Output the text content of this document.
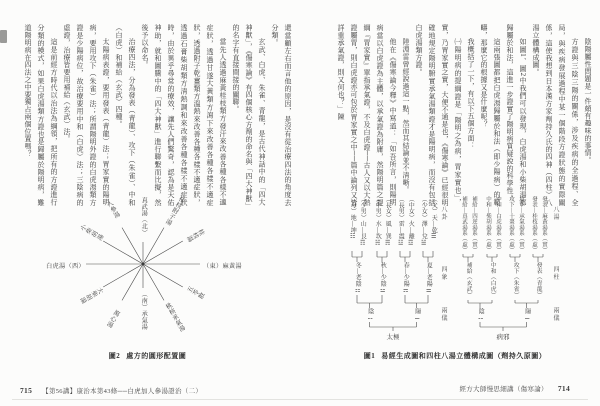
還當顧左右而言他的原因，是沒有從治療四法的角度去分類。

玄武、白虎、朱雀、青龍，是古代神話中的「四大神獸」，《傷寒論》有四個核心方劑的命名與「四大神獸」的名字有直接間接的關聯。

當先人透過麻黃桂枝類方發汗來改善各種各樣不適症狀，透過甘遂大黃類方瀉下來改善各種各樣不適症狀，透過附子乾薑類方溫熱來改善各種各樣不適症狀，透過石膏柴胡類方清熱調和來改善各種各樣不適症狀時，由於異乎尋常的療效，讓先人們驚奇，認為是天佑神助，就和圖騰中的「四大神獸」進行聯繫而比擬，然後予以命名。

治療四法，分為發表（青龍）、攻下（朱雀）、中和（白虎）和補給（玄武）四種。

太陽病表證，要用發表（青龍）法；胃家實的陽明病，要用攻下（朱雀）法；所謂陽明外證的白虎湯類方證是少陽病位，故治療要用中和（白虎）法；三陰病的虛證，治療皆要用補給（玄武）法。

這是前經方時代以治法為綱領，把所有的方證進行分類的模式，如果白虎湯類方證也是歸屬於陽明病，難道陽明病在四法之中要獨占兩個位置嗎？

真武湯（北）
（南）承氣湯
（東）麻黃湯
白虎湯（西）
桂枝附子湯
桂枝湯
五苓散
桃核承氣湯
瀉心湯
大柴胡湯
小柴胡湯
人參湯
圖2 處方的圓形配置圖
715 【第56講】康治本第43條──白虎加人參湯證治（二）

陰陽屬性問題是一件頗有趣味的事情。

方證與三陰三陽的關係，涉及疾病的全過程、全局，與疾病發展過程中某一個階段方證狀態的實際關係，這使我想到日本漢方家劑持久氏的四神（四柱）八湯立體構成圖。

如圖1、圖2中我們可以發現，白虎湯和小柴胡湯都歸屬於和法，這進一步證實了陽明病質疑說的科學性。

這兩張圖都把白虎湯歸屬於和法（即少陽病）的範疇，那麼它的根據又是什麼呢？

我概括了一下，有以下五個方面：

㈠陽明病的提綱證是「陽明之為病，胃家實也」，實，乃胃家實之實，大便不通是也，《傷寒論》已經很明確地規定陽明腑實承氣湯類證才是陽明病，而沒有包括白虎湯類方證。

陸淵雷曾經說過這一點，然而其結論並不清晰。

他在《傷寒論今釋》中寫道：「如吾所言，則陽明病當以白虎證為主體，以承氣證為附庸，然陽明篇之提綱『胃家實』單指承氣證，不及白虎證──古人又以大熱證屬胃，則白虎證亦可包於胃家實之中──篇中論列又皆詳重承氣證，則又何也？」陳

（母）地—坤☷ （少男）山—艮☶ （中男）水—坎☵ （長女）風—巽☴ （長男）雷—震☳ （中女）火—離☲ （少女）澤—兌☱ （父）天—乾☰
冬—老陰⚏	秋—少陰⚍	春—少陽⚎	夏—老陽⚌
陰⚋	陽⚊
太極
八卦
四象
兩儀
補給—真武湯系（虛） 補給—四逆湯系（實） 中和—柴胡湯系（虛） 中和—白虎湯系（實） 攻下—十棗湯系（虛） 攻下—承氣湯系（實） 發表—桂枝湯系（虛） 發表—麻黃湯系（實）
補給（玄武）	中和（白虎）	攻下（朱雀）	發表（青龍）
陰⚋	陽⚊
病邪
八湯
四柱
兩儀
圖1 易經生成圖和四柱八湯立體構成圖（劑持久原圖）
經方大師慢思細講（傷寒論） 714
